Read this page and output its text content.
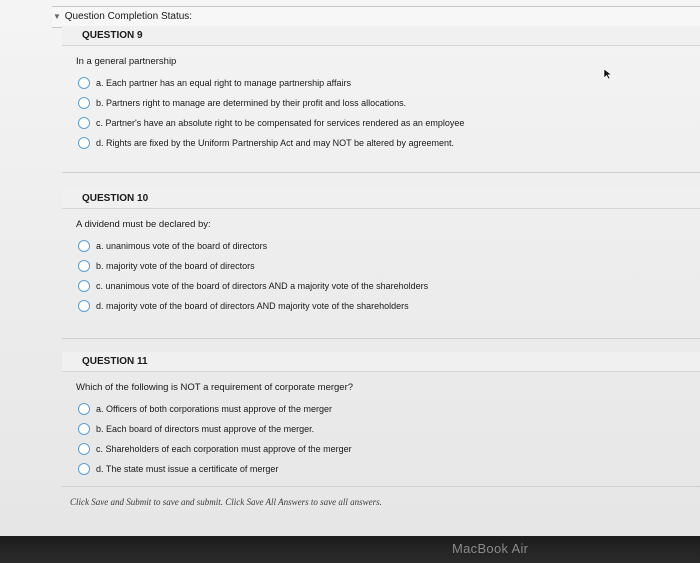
▼ Question Completion Status:
QUESTION 9
In a general partnership
a. Each partner has an equal right to manage partnership affairs
b. Partners right to manage are determined by their profit and loss allocations.
c. Partner's have an absolute right to be compensated for services rendered as an employee
d. Rights are fixed by the Uniform Partnership Act and may NOT be altered by agreement.
QUESTION 10
A dividend must be declared by:
a. unanimous vote of the board of directors
b. majority vote of the board of directors
c. unanimous vote of the board of directors AND a majority vote of the shareholders
d. majority vote of the board of directors AND majority vote of the shareholders
QUESTION 11
Which of the following is NOT a requirement of corporate merger?
a. Officers of both corporations must approve of the merger
b. Each board of directors must approve of the merger.
c. Shareholders of each corporation must approve of the merger
d. The state must issue a certificate of merger
Click Save and Submit to save and submit. Click Save All Answers to save all answers.
MacBook Air
